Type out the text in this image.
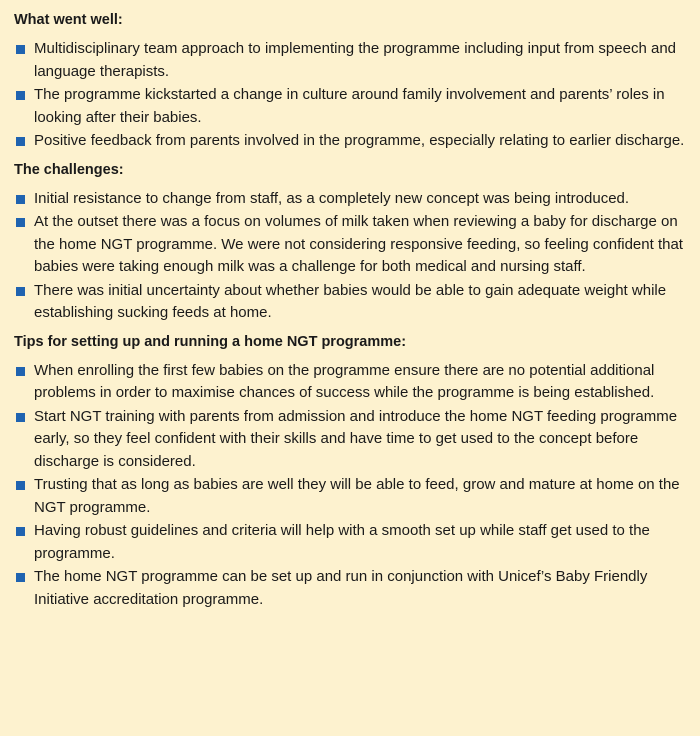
What went well:
Multidisciplinary team approach to implementing the programme including input from speech and language therapists.
The programme kickstarted a change in culture around family involvement and parents’ roles in looking after their babies.
Positive feedback from parents involved in the programme, especially relating to earlier discharge.
The challenges:
Initial resistance to change from staff, as a completely new concept was being introduced.
At the outset there was a focus on volumes of milk taken when reviewing a baby for discharge on the home NGT programme. We were not considering responsive feeding, so feeling confident that babies were taking enough milk was a challenge for both medical and nursing staff.
There was initial uncertainty about whether babies would be able to gain adequate weight while establishing sucking feeds at home.
Tips for setting up and running a home NGT programme:
When enrolling the first few babies on the programme ensure there are no potential additional problems in order to maximise chances of success while the programme is being established.
Start NGT training with parents from admission and introduce the home NGT feeding programme early, so they feel confident with their skills and have time to get used to the concept before discharge is considered.
Trusting that as long as babies are well they will be able to feed, grow and mature at home on the NGT programme.
Having robust guidelines and criteria will help with a smooth set up while staff get used to the programme.
The home NGT programme can be set up and run in conjunction with Unicef’s Baby Friendly Initiative accreditation programme.
